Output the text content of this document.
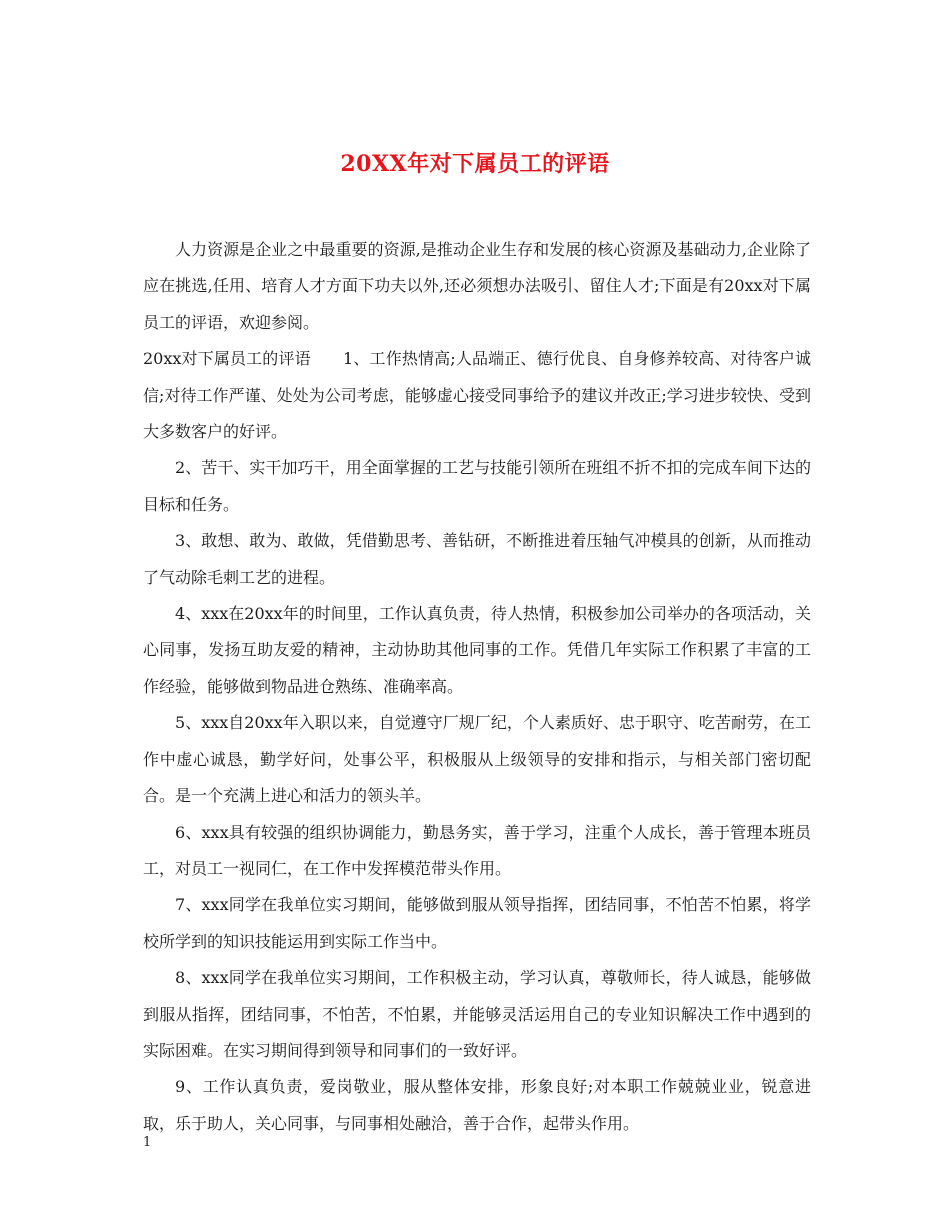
20XX年对下属员工的评语

人力资源是企业之中最重要的资源,是推动企业生存和发展的核心资源及基础动力,企业除了应在挑选,任用、培育人才方面下功夫以外,还必须想办法吸引、留住人才;下面是有20xx对下属员工的评语，欢迎参阅。

20xx对下属员工的评语　　1、工作热情高;人品端正、德行优良、自身修养较高、对待客户诚信;对待工作严谨、处处为公司考虑，能够虚心接受同事给予的建议并改正;学习进步较快、受到大多数客户的好评。

2、苦干、实干加巧干，用全面掌握的工艺与技能引领所在班组不折不扣的完成车间下达的目标和任务。

3、敢想、敢为、敢做，凭借勤思考、善钻研，不断推进着压轴气冲模具的创新，从而推动了气动除毛刺工艺的进程。

4、xxx在20xx年的时间里，工作认真负责，待人热情，积极参加公司举办的各项活动，关心同事，发扬互助友爱的精神，主动协助其他同事的工作。凭借几年实际工作积累了丰富的工作经验，能够做到物品进仓熟练、准确率高。

5、xxx自20xx年入职以来，自觉遵守厂规厂纪，个人素质好、忠于职守、吃苦耐劳，在工作中虚心诚恳，勤学好问，处事公平，积极服从上级领导的安排和指示，与相关部门密切配合。是一个充满上进心和活力的领头羊。

6、xxx具有较强的组织协调能力，勤恳务实，善于学习，注重个人成长，善于管理本班员工，对员工一视同仁，在工作中发挥模范带头作用。

7、xxx同学在我单位实习期间，能够做到服从领导指挥，团结同事，不怕苦不怕累，将学校所学到的知识技能运用到实际工作当中。

8、xxx同学在我单位实习期间，工作积极主动，学习认真，尊敬师长，待人诚恳，能够做到服从指挥，团结同事，不怕苦，不怕累，并能够灵活运用自己的专业知识解决工作中遇到的实际困难。在实习期间得到领导和同事们的一致好评。

9、工作认真负责，爱岗敬业，服从整体安排，形象良好;对本职工作兢兢业业，锐意进取，乐于助人，关心同事，与同事相处融洽，善于合作，起带头作用。

1
